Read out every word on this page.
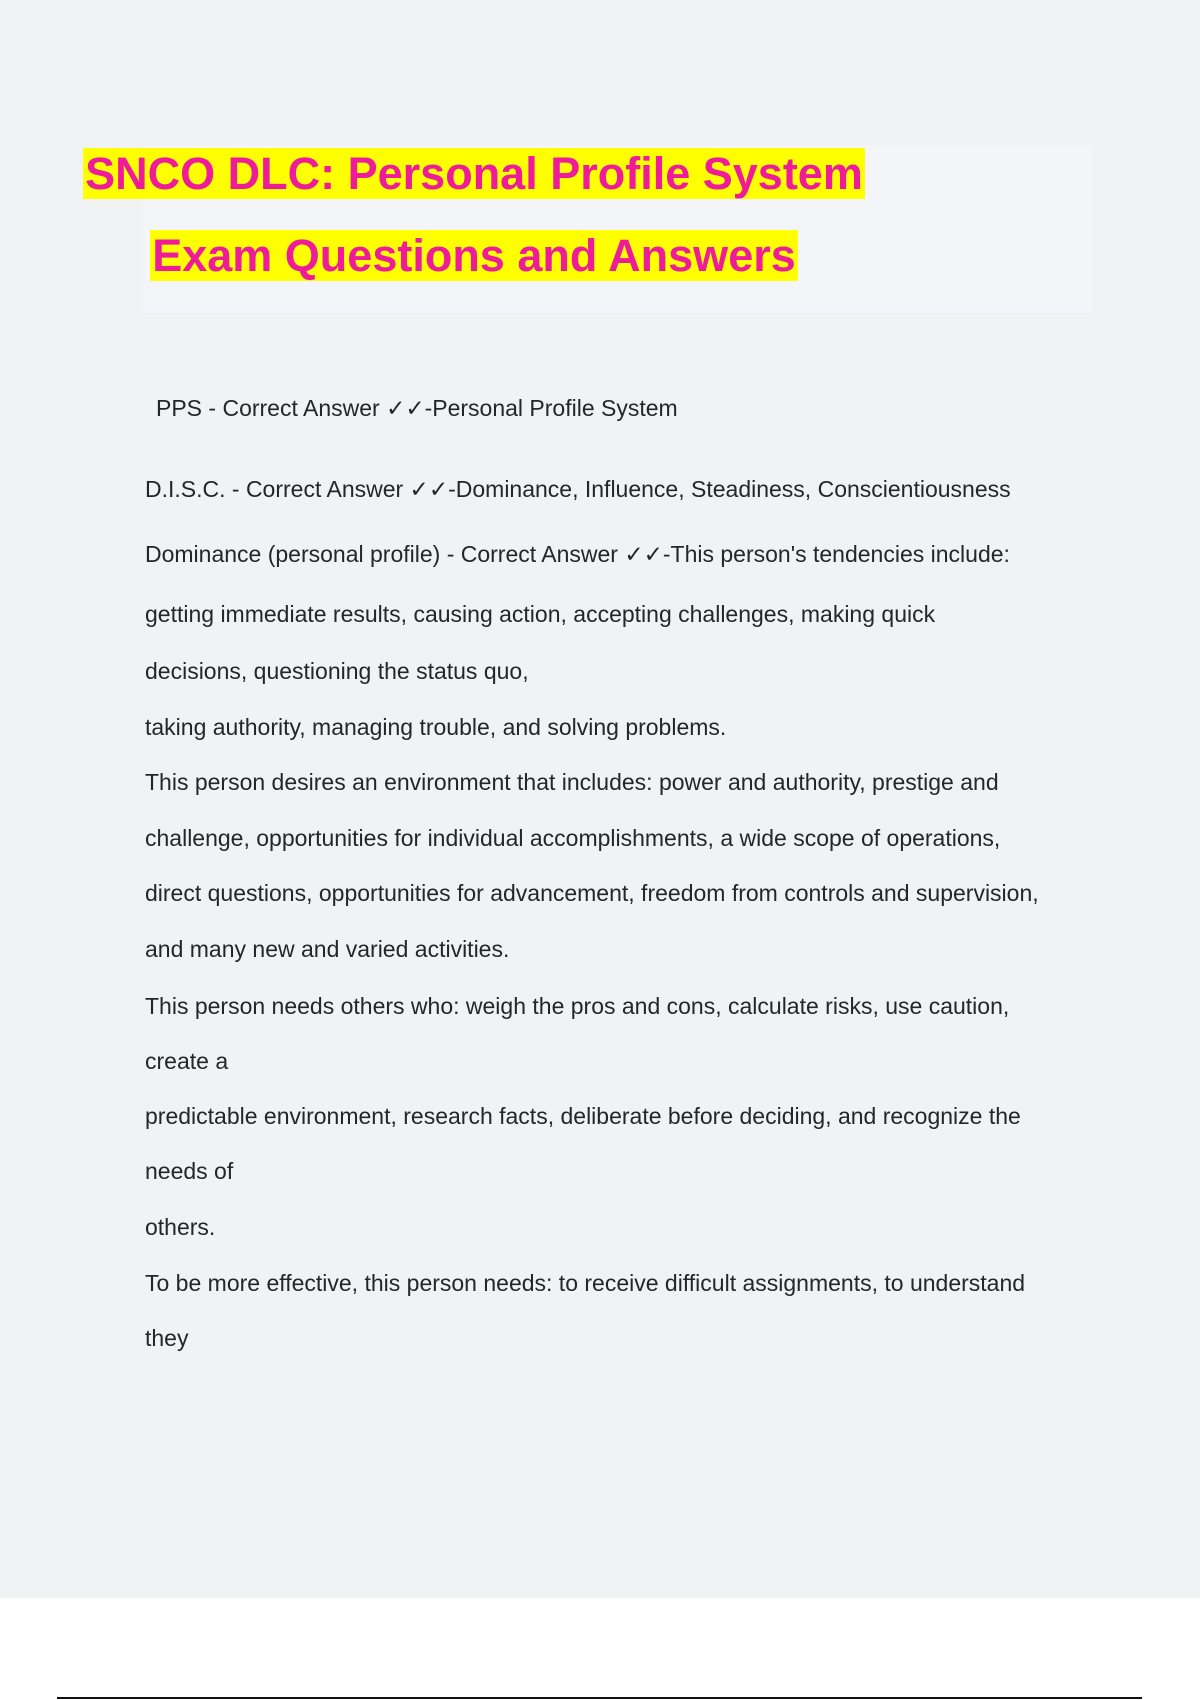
SNCO DLC: Personal Profile System
Exam Questions and Answers
PPS - Correct Answer ✓✓-Personal Profile System
D.I.S.C. - Correct Answer ✓✓-Dominance, Influence, Steadiness, Conscientiousness
Dominance (personal profile) - Correct Answer ✓✓-This person's tendencies include:
getting immediate results, causing action, accepting challenges, making quick
decisions, questioning the status quo,
taking authority, managing trouble, and solving problems.
This person desires an environment that includes: power and authority, prestige and
challenge, opportunities for individual accomplishments, a wide scope of operations,
direct questions, opportunities for advancement, freedom from controls and supervision,
and many new and varied activities.
This person needs others who: weigh the pros and cons, calculate risks, use caution,
create a
predictable environment, research facts, deliberate before deciding, and recognize the
needs of
others.
To be more effective, this person needs: to receive difficult assignments, to understand
they
